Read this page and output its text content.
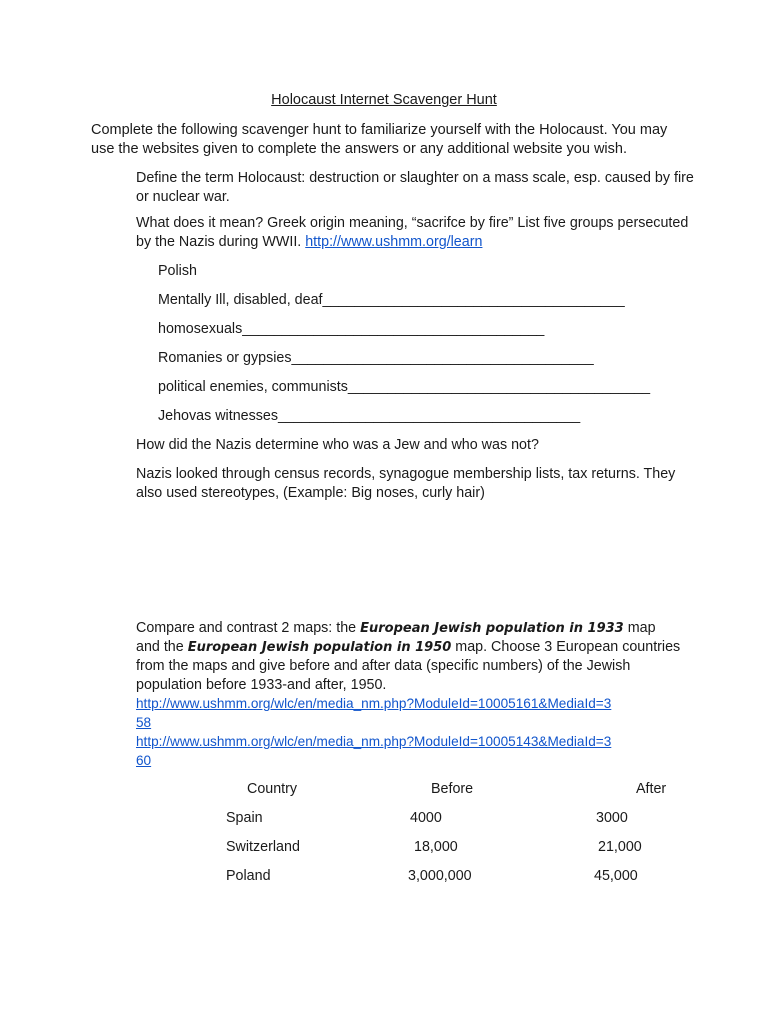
Holocaust Internet Scavenger Hunt
Complete the following scavenger hunt to familiarize yourself with the Holocaust. You may use the websites given to complete the answers or any additional website you wish.
Define the term Holocaust: destruction or slaughter on a mass scale, esp. caused by fire or nuclear war.
What does it mean? Greek origin meaning, “sacrifce by fire” List five groups persecuted by the Nazis during WWII. http://www.ushmm.org/learn
Polish
Mentally Ill, disabled, deaf______________________________________
homosexuals______________________________________
Romanies or gypsies______________________________________
political enemies, communists______________________________________
Jehovas witnesses______________________________________
How did the Nazis determine who was a Jew and who was not?
Nazis looked through census records, synagogue membership lists, tax returns. They also used stereotypes, (Example: Big noses, curly hair)
Compare and contrast 2 maps: the European Jewish population in 1933 map and the European Jewish population in 1950 map. Choose 3 European countries from the maps and give before and after data (specific numbers) of the Jewish population before 1933-and after, 1950.
http://www.ushmm.org/wlc/en/media_nm.php?ModuleId=10005161&MediaId=3
58
http://www.ushmm.org/wlc/en/media_nm.php?ModuleId=10005143&MediaId=3
60
Country	Before	After
Spain	4000	3000
Switzerland	18,000	21,000
Poland	3,000,000	45,000
